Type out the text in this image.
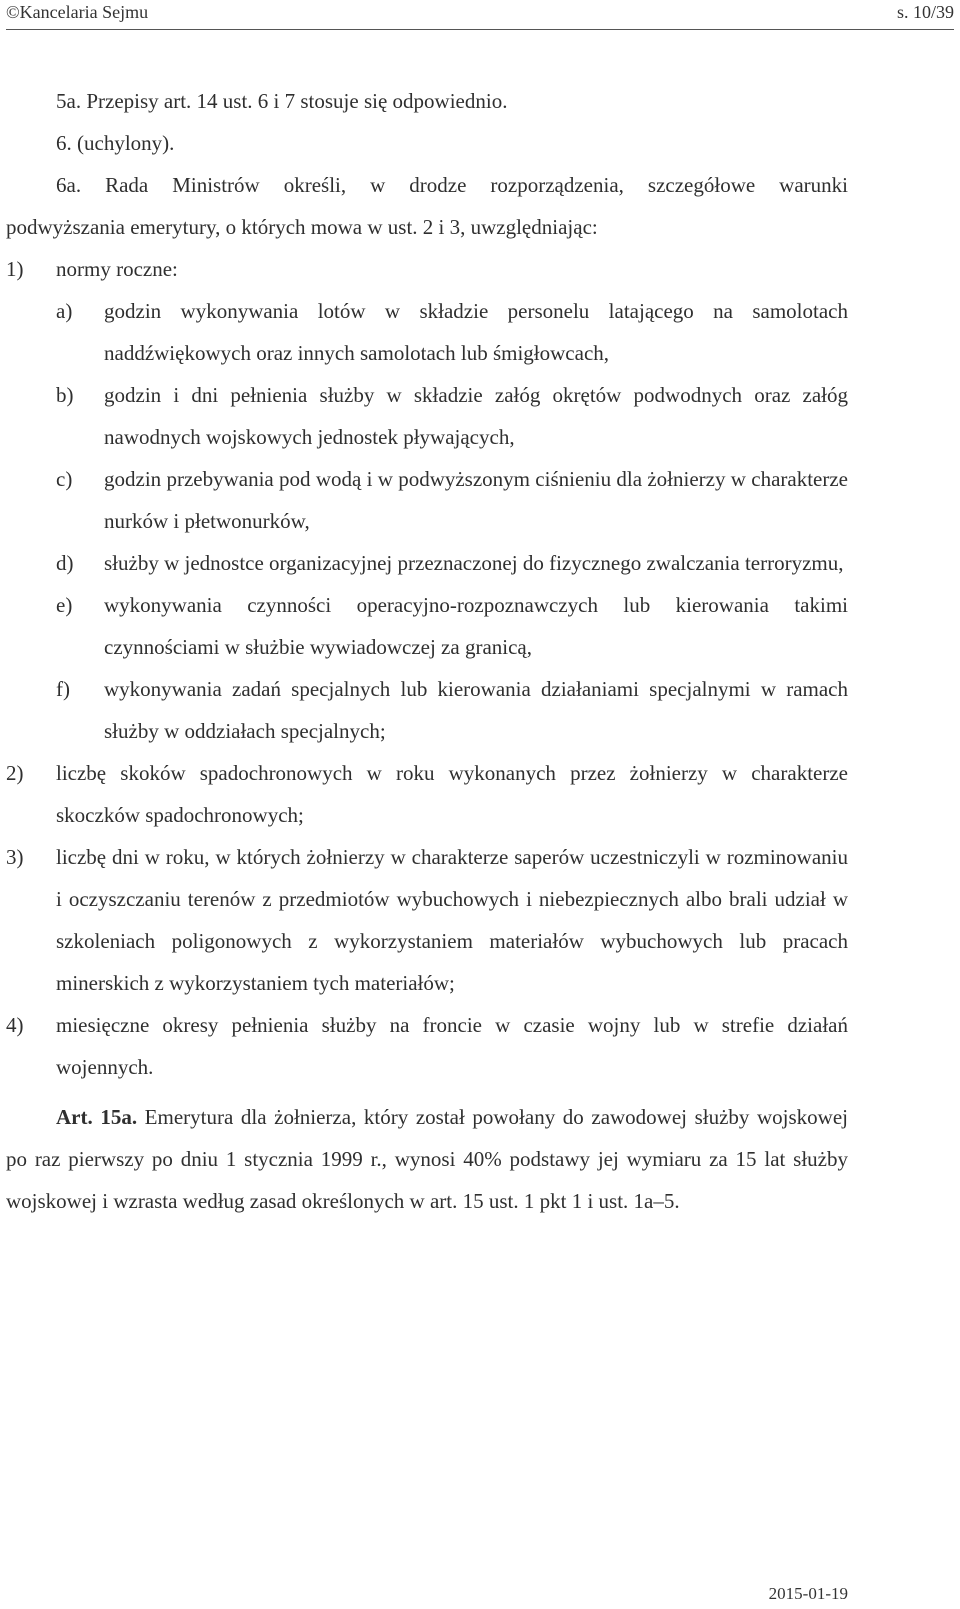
©Kancelaria Sejmu	s. 10/39

5a. Przepisy art. 14 ust. 6 i 7 stosuje się odpowiednio.

6. (uchylony).

6a. Rada Ministrów określi, w drodze rozporządzenia, szczegółowe warunki
podwyższania emerytury, o których mowa w ust. 2 i 3, uwzględniając:

1) normy roczne:
a) godzin wykonywania lotów w składzie personelu latającego na samolotach naddźwiękowych oraz innych samolotach lub śmigłowcach,
b) godzin i dni pełnienia służby w składzie załóg okrętów podwodnych oraz załóg nawodnych wojskowych jednostek pływających,
c) godzin przebywania pod wodą i w podwyższonym ciśnieniu dla żołnierzy w charakterze nurków i płetwonurków,
d) służby w jednostce organizacyjnej przeznaczonej do fizycznego zwalczania terroryzmu,
e) wykonywania czynności operacyjno-rozpoznawczych lub kierowania takimi czynnościami w służbie wywiadowczej za granicą,
f) wykonywania zadań specjalnych lub kierowania działaniami specjalnymi w ramach służby w oddziałach specjalnych;
2) liczbę skoków spadochronowych w roku wykonanych przez żołnierzy w charakterze skoczków spadochronowych;
3) liczbę dni w roku, w których żołnierzy w charakterze saperów uczestniczyli w rozminowaniu i oczyszczaniu terenów z przedmiotów wybuchowych i niebezpiecznych albo brali udział w szkoleniach poligonowych z wykorzystaniem materiałów wybuchowych lub pracach minerskich z wykorzystaniem tych materiałów;
4) miesięczne okresy pełnienia służby na froncie w czasie wojny lub w strefie działań wojennych.

Art. 15a. Emerytura dla żołnierza, który został powołany do zawodowej służby wojskowej po raz pierwszy po dniu 1 stycznia 1999 r., wynosi 40% podstawy jej wymiaru za 15 lat służby wojskowej i wzrasta według zasad określonych w art. 15 ust. 1 pkt 1 i ust. 1a–5.

2015-01-19
